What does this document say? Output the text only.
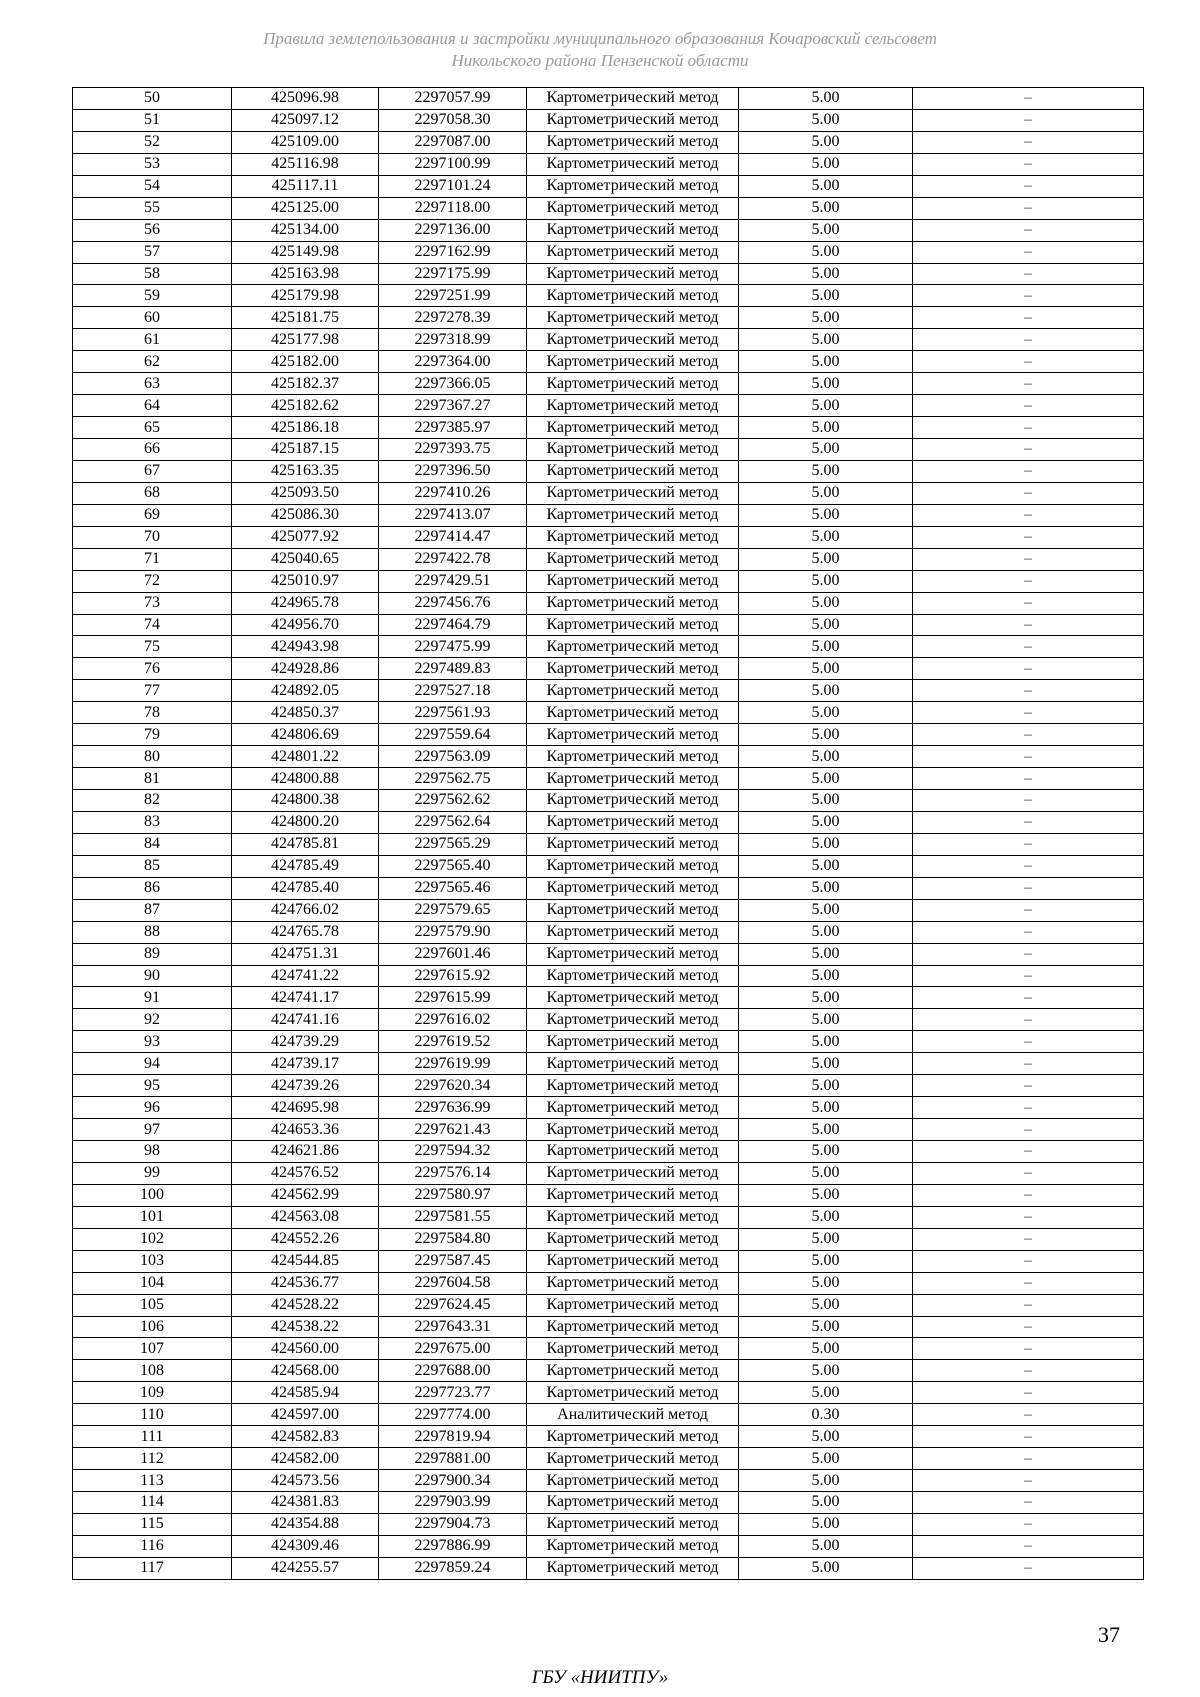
Правила землепользования и застройки муниципального образования Кочаровский сельсовет
Никольского района Пензенской области
50	425096.98	2297057.99	Картометрический метод	5.00	–
51	425097.12	2297058.30	Картометрический метод	5.00	–
52	425109.00	2297087.00	Картометрический метод	5.00	–
53	425116.98	2297100.99	Картометрический метод	5.00	–
54	425117.11	2297101.24	Картометрический метод	5.00	–
55	425125.00	2297118.00	Картометрический метод	5.00	–
56	425134.00	2297136.00	Картометрический метод	5.00	–
57	425149.98	2297162.99	Картометрический метод	5.00	–
58	425163.98	2297175.99	Картометрический метод	5.00	–
59	425179.98	2297251.99	Картометрический метод	5.00	–
60	425181.75	2297278.39	Картометрический метод	5.00	–
61	425177.98	2297318.99	Картометрический метод	5.00	–
62	425182.00	2297364.00	Картометрический метод	5.00	–
63	425182.37	2297366.05	Картометрический метод	5.00	–
64	425182.62	2297367.27	Картометрический метод	5.00	–
65	425186.18	2297385.97	Картометрический метод	5.00	–
66	425187.15	2297393.75	Картометрический метод	5.00	–
67	425163.35	2297396.50	Картометрический метод	5.00	–
68	425093.50	2297410.26	Картометрический метод	5.00	–
69	425086.30	2297413.07	Картометрический метод	5.00	–
70	425077.92	2297414.47	Картометрический метод	5.00	–
71	425040.65	2297422.78	Картометрический метод	5.00	–
72	425010.97	2297429.51	Картометрический метод	5.00	–
73	424965.78	2297456.76	Картометрический метод	5.00	–
74	424956.70	2297464.79	Картометрический метод	5.00	–
75	424943.98	2297475.99	Картометрический метод	5.00	–
76	424928.86	2297489.83	Картометрический метод	5.00	–
77	424892.05	2297527.18	Картометрический метод	5.00	–
78	424850.37	2297561.93	Картометрический метод	5.00	–
79	424806.69	2297559.64	Картометрический метод	5.00	–
80	424801.22	2297563.09	Картометрический метод	5.00	–
81	424800.88	2297562.75	Картометрический метод	5.00	–
82	424800.38	2297562.62	Картометрический метод	5.00	–
83	424800.20	2297562.64	Картометрический метод	5.00	–
84	424785.81	2297565.29	Картометрический метод	5.00	–
85	424785.49	2297565.40	Картометрический метод	5.00	–
86	424785.40	2297565.46	Картометрический метод	5.00	–
87	424766.02	2297579.65	Картометрический метод	5.00	–
88	424765.78	2297579.90	Картометрический метод	5.00	–
89	424751.31	2297601.46	Картометрический метод	5.00	–
90	424741.22	2297615.92	Картометрический метод	5.00	–
91	424741.17	2297615.99	Картометрический метод	5.00	–
92	424741.16	2297616.02	Картометрический метод	5.00	–
93	424739.29	2297619.52	Картометрический метод	5.00	–
94	424739.17	2297619.99	Картометрический метод	5.00	–
95	424739.26	2297620.34	Картометрический метод	5.00	–
96	424695.98	2297636.99	Картометрический метод	5.00	–
97	424653.36	2297621.43	Картометрический метод	5.00	–
98	424621.86	2297594.32	Картометрический метод	5.00	–
99	424576.52	2297576.14	Картометрический метод	5.00	–
100	424562.99	2297580.97	Картометрический метод	5.00	–
101	424563.08	2297581.55	Картометрический метод	5.00	–
102	424552.26	2297584.80	Картометрический метод	5.00	–
103	424544.85	2297587.45	Картометрический метод	5.00	–
104	424536.77	2297604.58	Картометрический метод	5.00	–
105	424528.22	2297624.45	Картометрический метод	5.00	–
106	424538.22	2297643.31	Картометрический метод	5.00	–
107	424560.00	2297675.00	Картометрический метод	5.00	–
108	424568.00	2297688.00	Картометрический метод	5.00	–
109	424585.94	2297723.77	Картометрический метод	5.00	–
110	424597.00	2297774.00	Аналитический метод	0.30	–
111	424582.83	2297819.94	Картометрический метод	5.00	–
112	424582.00	2297881.00	Картометрический метод	5.00	–
113	424573.56	2297900.34	Картометрический метод	5.00	–
114	424381.83	2297903.99	Картометрический метод	5.00	–
115	424354.88	2297904.73	Картометрический метод	5.00	–
116	424309.46	2297886.99	Картометрический метод	5.00	–
117	424255.57	2297859.24	Картометрический метод	5.00	–
37
ГБУ «НИИТПУ»
